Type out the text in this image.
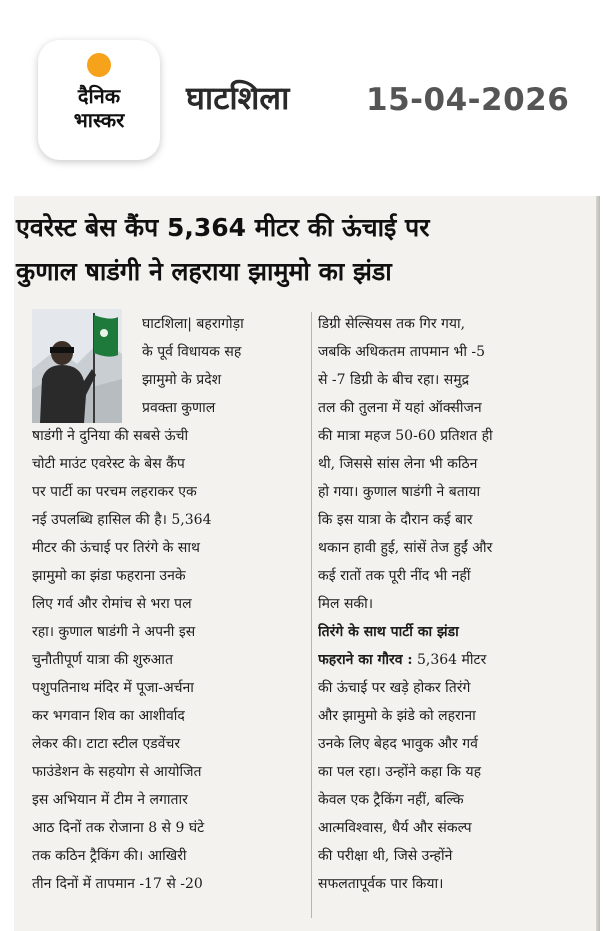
दैनिक
भास्कर
घाटशिला 15-04-2026
एवरेस्ट बेस कैंप 5,364 मीटर की ऊंचाई पर
कुणाल षाडंगी ने लहराया झामुमो का झंडा
घाटशिला| बहरागोड़ा
के पूर्व विधायक सह
झामुमो के प्रदेश
प्रवक्ता कुणाल
षाडंगी ने दुनिया की सबसे ऊंची
चोटी माउंट एवरेस्ट के बेस कैंप
पर पार्टी का परचम लहराकर एक
नई उपलब्धि हासिल की है। 5,364
मीटर की ऊंचाई पर तिरंगे के साथ
झामुमो का झंडा फहराना उनके
लिए गर्व और रोमांच से भरा पल
रहा। कुणाल षाडंगी ने अपनी इस
चुनौतीपूर्ण यात्रा की शुरुआत
पशुपतिनाथ मंदिर में पूजा-अर्चना
कर भगवान शिव का आशीर्वाद
लेकर की। टाटा स्टील एडवेंचर
फाउंडेशन के सहयोग से आयोजित
इस अभियान में टीम ने लगातार
आठ दिनों तक रोजाना 8 से 9 घंटे
तक कठिन ट्रैकिंग की। आखिरी
तीन दिनों में तापमान -17 से -20
डिग्री सेल्सियस तक गिर गया,
जबकि अधिकतम तापमान भी -5
से -7 डिग्री के बीच रहा। समुद्र
तल की तुलना में यहां ऑक्सीजन
की मात्रा महज 50-60 प्रतिशत ही
थी, जिससे सांस लेना भी कठिन
हो गया। कुणाल षाडंगी ने बताया
कि इस यात्रा के दौरान कई बार
थकान हावी हुई, सांसें तेज हुईं और
कई रातों तक पूरी नींद भी नहीं
मिल सकी।
तिरंगे के साथ पार्टी का झंडा
फहराने का गौरव : 5,364 मीटर
की ऊंचाई पर खड़े होकर तिरंगे
और झामुमो के झंडे को लहराना
उनके लिए बेहद भावुक और गर्व
का पल रहा। उन्होंने कहा कि यह
केवल एक ट्रैकिंग नहीं, बल्कि
आत्मविश्वास, धैर्य और संकल्प
की परीक्षा थी, जिसे उन्होंने
सफलतापूर्वक पार किया।
